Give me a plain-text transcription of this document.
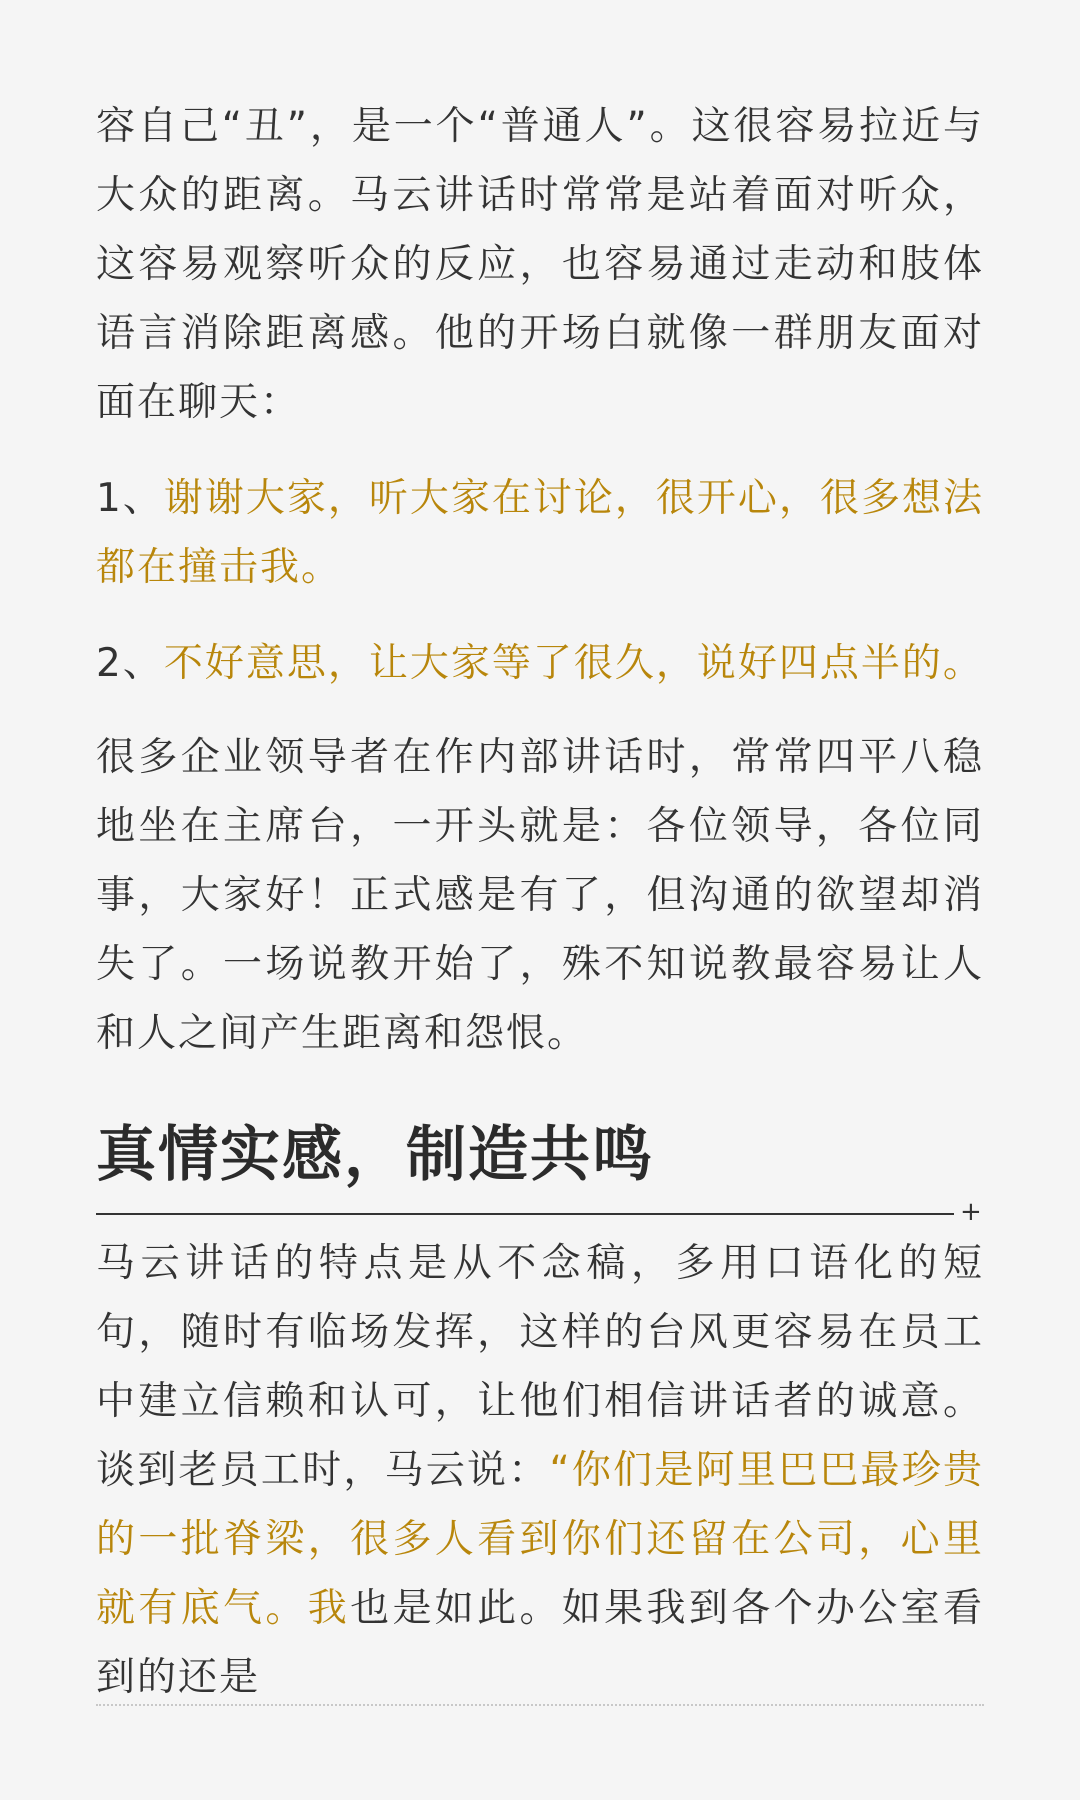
容自己“丑”，是一个“普通人”。这很容易拉近与大众的距离。马云讲话时常常是站着面对听众，这容易观察听众的反应，也容易通过走动和肢体语言消除距离感。他的开场白就像一群朋友面对面在聊天：

1、谢谢大家，听大家在讨论，很开心，很多想法都在撞击我。

2、不好意思，让大家等了很久，说好四点半的。

很多企业领导者在作内部讲话时，常常四平八稳地坐在主席台，一开头就是：各位领导，各位同事，大家好！正式感是有了，但沟通的欲望却消失了。一场说教开始了，殊不知说教最容易让人和人之间产生距离和怨恨。

真情实感，制造共鸣
+

马云讲话的特点是从不念稿，多用口语化的短句，随时有临场发挥，这样的台风更容易在员工中建立信赖和认可，让他们相信讲话者的诚意。 谈到老员工时，马云说：“你们是阿里巴巴最珍贵的一批脊梁，很多人看到你们还留在公司，心里就有底气。我也是如此。如果我到各个办公室看到的还是
